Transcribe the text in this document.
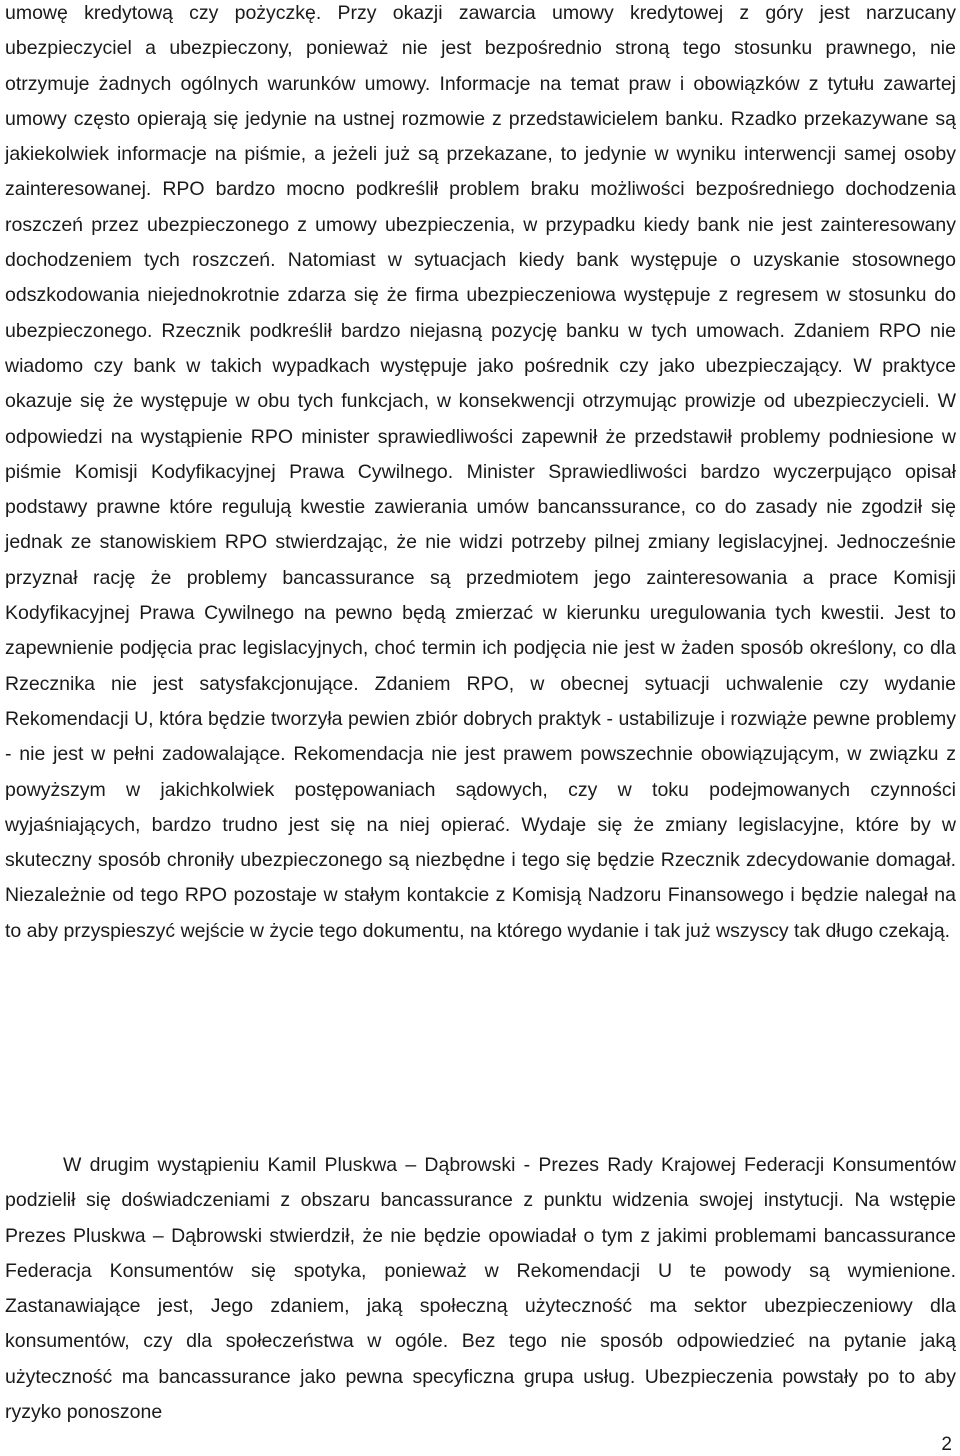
umowę kredytową czy pożyczkę. Przy okazji zawarcia umowy kredytowej z góry jest narzucany ubezpieczyciel a ubezpieczony, ponieważ nie jest bezpośrednio stroną tego stosunku prawnego, nie otrzymuje żadnych ogólnych warunków umowy. Informacje na temat praw i obowiązków z tytułu zawartej umowy często opierają się jedynie na ustnej rozmowie z przedstawicielem banku. Rzadko przekazywane są jakiekolwiek informacje na piśmie, a jeżeli już są przekazane, to jedynie w wyniku interwencji samej osoby zainteresowanej. RPO bardzo mocno podkreślił problem braku możliwości bezpośredniego dochodzenia roszczeń przez ubezpieczonego z umowy ubezpieczenia, w przypadku kiedy bank nie jest zainteresowany dochodzeniem tych roszczeń. Natomiast w sytuacjach kiedy bank występuje o uzyskanie stosownego odszkodowania niejednokrotnie zdarza się że firma ubezpieczeniowa występuje z regresem w stosunku do ubezpieczonego. Rzecznik podkreślił bardzo niejasną pozycję banku w tych umowach. Zdaniem RPO nie wiadomo czy bank w takich wypadkach występuje jako pośrednik czy jako ubezpieczający. W praktyce okazuje się że występuje w obu tych funkcjach, w konsekwencji otrzymując prowizje od ubezpieczycieli. W odpowiedzi na wystąpienie RPO minister sprawiedliwości zapewnił że przedstawił problemy podniesione w piśmie Komisji Kodyfikacyjnej Prawa Cywilnego. Minister Sprawiedliwości bardzo wyczerpująco opisał podstawy prawne które regulują kwestie zawierania umów bancanssurance, co do zasady nie zgodził się jednak ze stanowiskiem RPO stwierdzając, że nie widzi potrzeby pilnej zmiany legislacyjnej. Jednocześnie przyznał rację że problemy bancassurance są przedmiotem jego zainteresowania a prace Komisji Kodyfikacyjnej Prawa Cywilnego na pewno będą zmierzać w kierunku uregulowania tych kwestii. Jest to zapewnienie podjęcia prac legislacyjnych, choć termin ich podjęcia nie jest w żaden sposób określony, co dla Rzecznika nie jest satysfakcjonujące. Zdaniem RPO, w obecnej sytuacji uchwalenie czy wydanie Rekomendacji U, która będzie tworzyła pewien zbiór dobrych praktyk - ustabilizuje i rozwiąże pewne problemy - nie jest w pełni zadowalające. Rekomendacja nie jest prawem powszechnie obowiązującym, w związku z powyższym w jakichkolwiek postępowaniach sądowych, czy w toku podejmowanych czynności wyjaśniających, bardzo trudno jest się na niej opierać. Wydaje się że zmiany legislacyjne, które by w skuteczny sposób chroniły ubezpieczonego są niezbędne i tego się będzie Rzecznik zdecydowanie domagał. Niezależnie od tego RPO pozostaje w stałym kontakcie z Komisją Nadzoru Finansowego i będzie nalegał na to aby przyspieszyć wejście w życie tego dokumentu, na którego wydanie i tak już wszyscy tak długo czekają.

W drugim wystąpieniu Kamil Pluskwa – Dąbrowski - Prezes Rady Krajowej Federacji Konsumentów podzielił się doświadczeniami z obszaru bancassurance z punktu widzenia swojej instytucji. Na wstępie Prezes Pluskwa – Dąbrowski stwierdził, że nie będzie opowiadał o tym z jakimi problemami bancassurance Federacja Konsumentów się spotyka, ponieważ w Rekomendacji U te powody są wymienione. Zastanawiające jest, Jego zdaniem, jaką społeczną użyteczność ma sektor ubezpieczeniowy dla konsumentów, czy dla społeczeństwa w ogóle. Bez tego nie sposób odpowiedzieć na pytanie jaką użyteczność ma bancassurance jako pewna specyficzna grupa usług. Ubezpieczenia powstały po to aby ryzyko ponoszone

2
